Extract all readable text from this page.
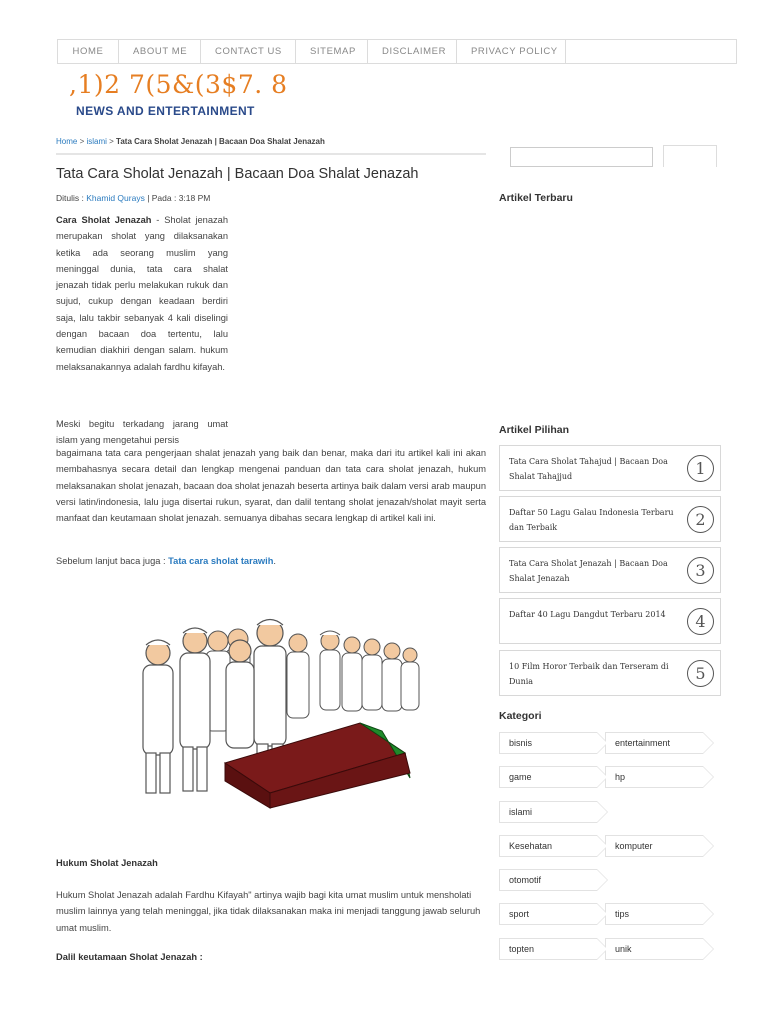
HOME	ABOUT ME	CONTACT US	SITEMAP	DISCLAIMER	PRIVACY POLICY
,1)2 7(5&(3$7. 8
NEWS AND ENTERTAINMENT
Home > islami > Tata Cara Sholat Jenazah | Bacaan Doa Shalat Jenazah
Tata Cara Sholat Jenazah | Bacaan Doa Shalat Jenazah
Ditulis : Khamid Qurays | Pada : 3:18 PM
Cara Sholat Jenazah - Sholat jenazah merupakan sholat yang dilaksanakan ketika ada seorang muslim yang meninggal dunia, tata cara shalat jenazah tidak perlu melakukan rukuk dan sujud, cukup dengan keadaan berdiri saja, lalu takbir sebanyak 4 kali diselingi dengan bacaan doa tertentu, lalu kemudian diakhiri dengan salam. hukum melaksanakannya adalah fardhu kifayah.
Meski begitu terkadang jarang umat islam yang mengetahui persis
bagaimana tata cara pengerjaan shalat jenazah yang baik dan benar, maka dari itu artikel kali ini akan membahasnya secara detail dan lengkap mengenai panduan dan tata cara sholat jenazah, hukum melaksanakan sholat jenazah, bacaan doa sholat jenazah beserta artinya baik dalam versi arab maupun versi latin/indonesia, lalu juga disertai rukun, syarat, dan dalil tentang sholat jenazah/sholat mayit serta manfaat dan keutamaan sholat jenazah. semuanya dibahas secara lengkap di artikel kali ini.
Sebelum lanjut baca juga : Tata cara sholat tarawih.
Hukum Sholat Jenazah
Hukum Sholat Jenazah adalah Fardhu Kifayah" artinya wajib bagi kita umat muslim untuk mensholati muslim lainnya yang telah meninggal, jika tidak dilaksanakan maka ini menjadi tanggung jawab seluruh umat muslim.
Dalil keutamaan Sholat Jenazah :
Artikel Terbaru
Artikel Pilihan
Tata Cara Sholat Tahajud | Bacaan Doa Shalat Tahajjud	1
Daftar 50 Lagu Galau Indonesia Terbaru dan Terbaik	2
Tata Cara Sholat Jenazah | Bacaan Doa Shalat Jenazah	3
Daftar 40 Lagu Dangdut Terbaru 2014	4
10 Film Horor Terbaik dan Terseram di Dunia	5
Kategori
bisnis	entertainment
game	hp
islami
Kesehatan	komputer
otomotif
sport	tips
topten	unik
